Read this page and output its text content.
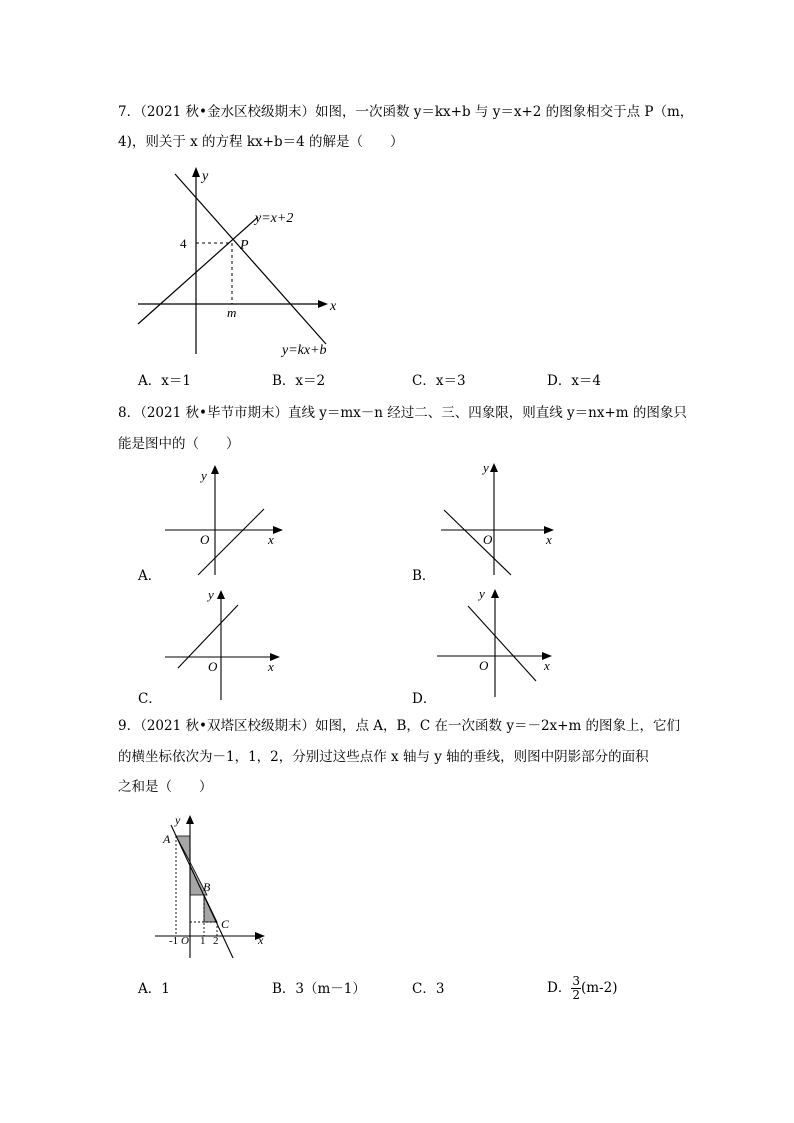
7．（2021 秋•金水区校级期末）如图，一次函数 y＝kx+b 与 y＝x+2 的图象相交于点 P（m，
4)，则关于 x 的方程 kx+b＝4 的解是（　　）
y
x
4
m
P
y=x+2
y=kx+b
A．x＝1	B．x＝2	C．x＝3	D．x＝4
8．（2021 秋•毕节市期末）直线 y＝mx－n 经过二、三、四象限，则直线 y＝nx+m 的图象只
能是图中的（　　）
y
x
O
A．
y
x
O
B．
y
x
O
C．
y
x
O
D．
9．（2021 秋•双塔区校级期末）如图，点 A，B，C 在一次函数 y＝－2x+m 的图象上，它们
的横坐标依次为－1，1，2，分别过这些点作 x 轴与 y 轴的垂线，则图中阴影部分的面积
之和是（　　）
y
x
A
B
C
-1 O 1 2
A．1	B．3（m－1）	C．3	D． $\frac{3}{2} (m-2)$
